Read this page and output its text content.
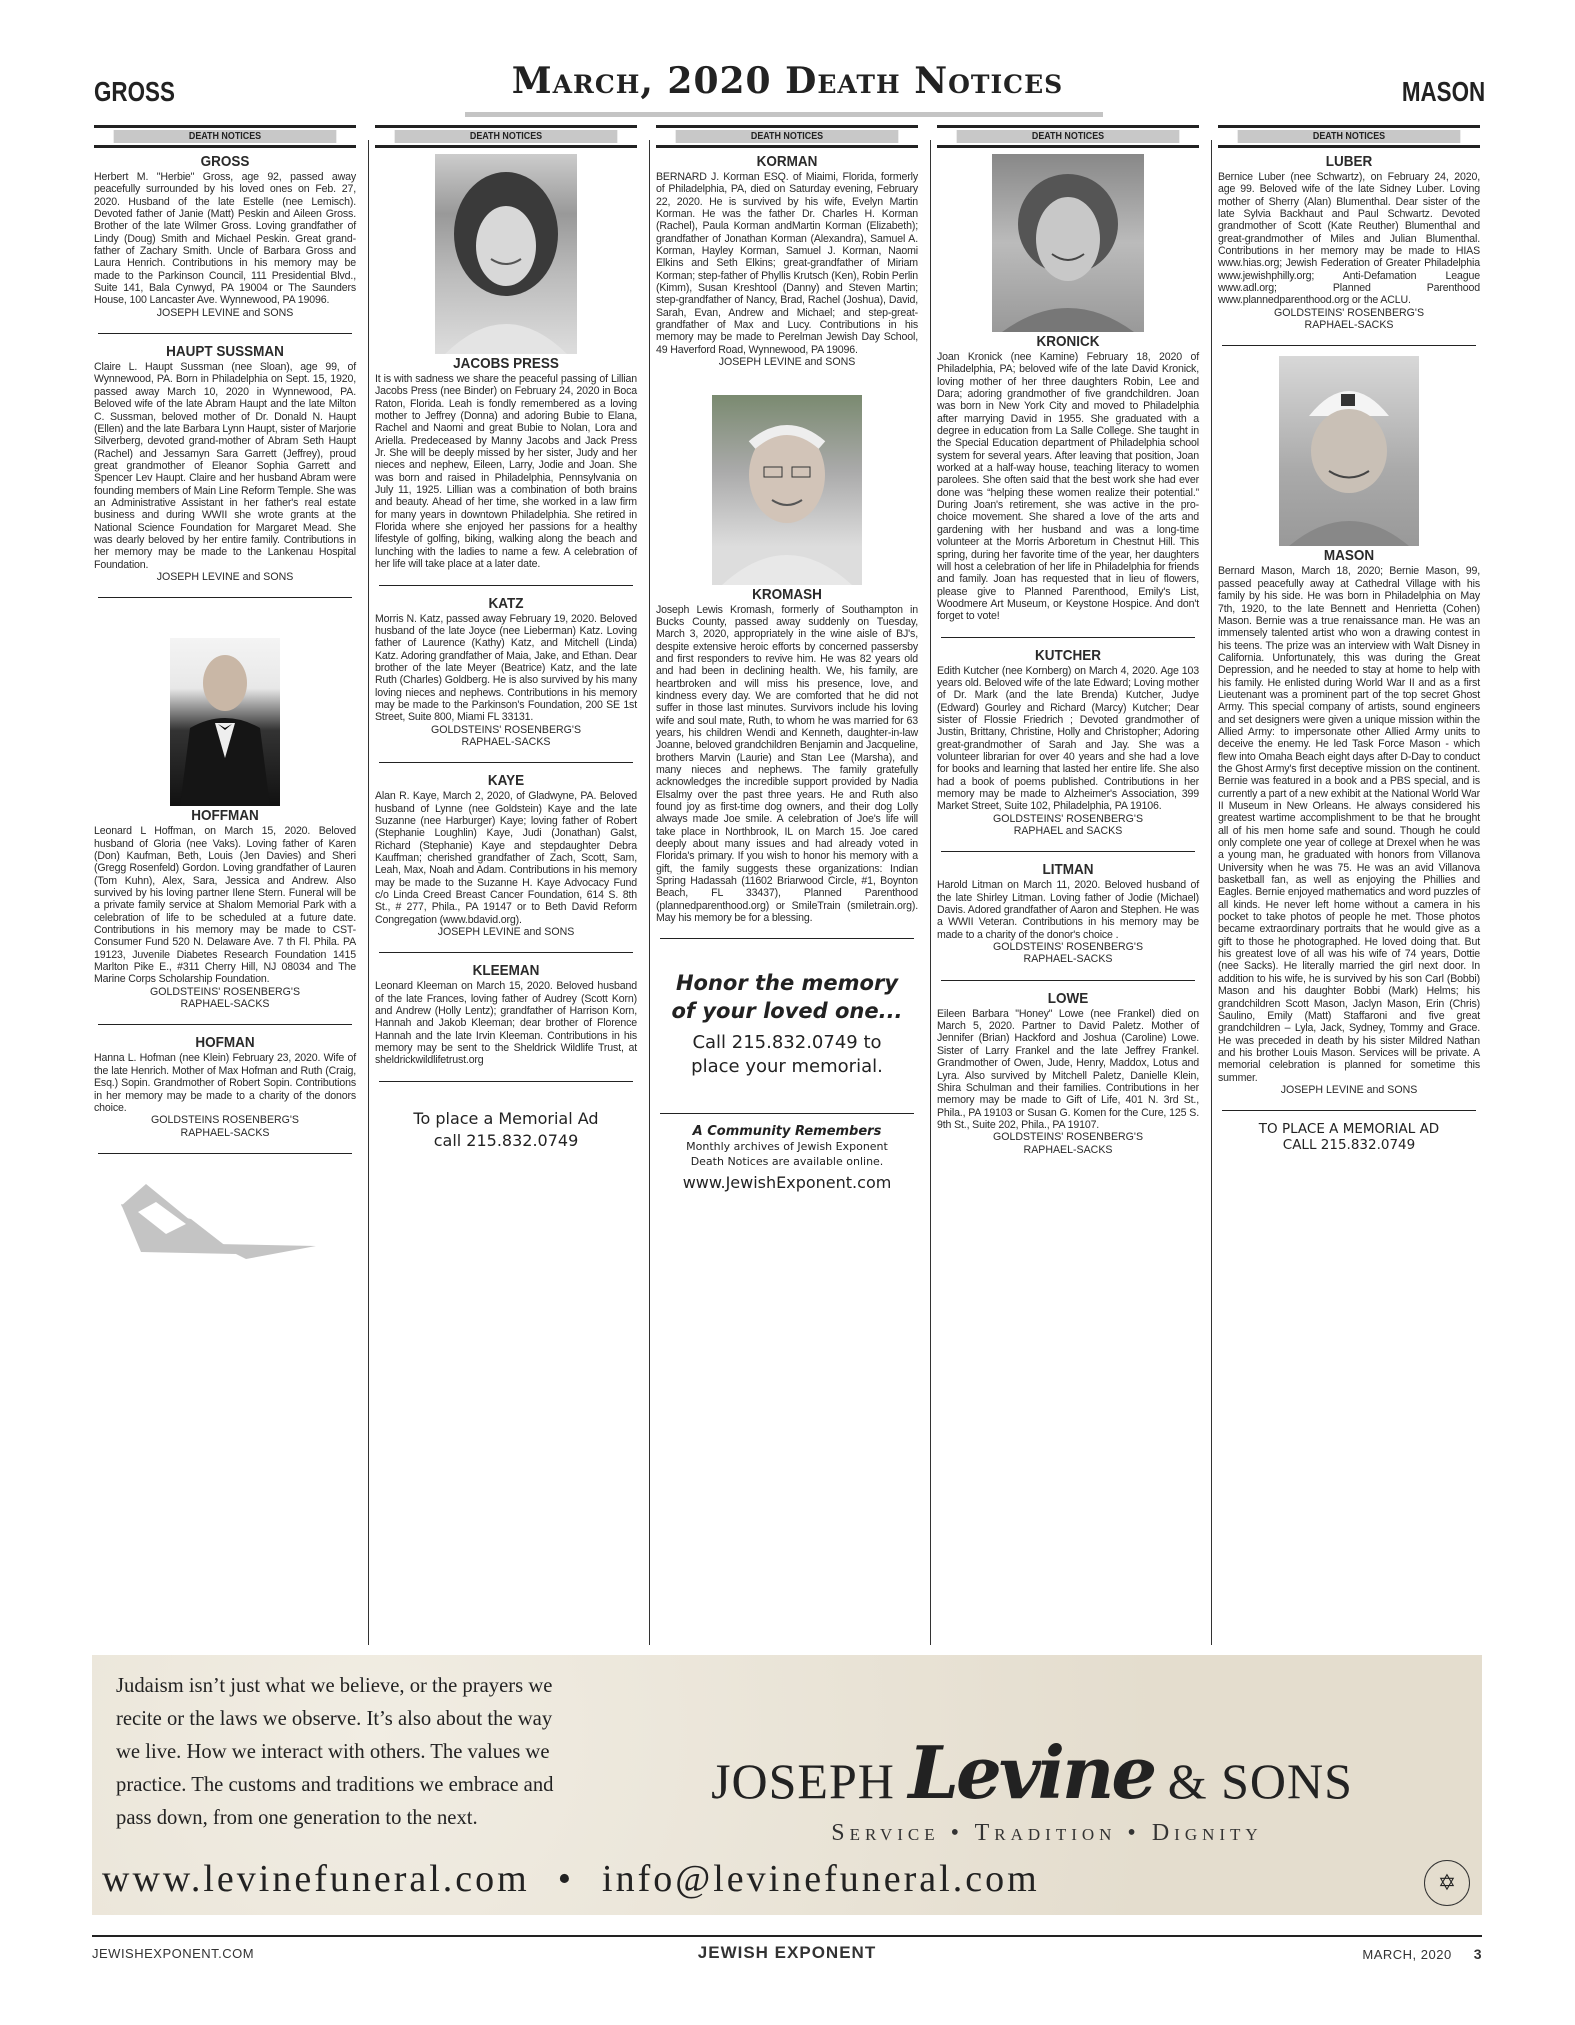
GROSS	March, 2020 Death Notices	MASON
DEATH NOTICES
GROSS
Herbert M. "Herbie" Gross, age 92, passed away peacefully surrounded by his loved ones on Feb. 27, 2020. Husband of the late Estelle (nee Lemisch). Devoted father of Janie (Matt) Peskin and Aileen Gross. Brother of the late Wilmer Gross. Loving grandfather of Lindy (Doug) Smith and Michael Peskin. Great grand-father of Zachary Smith. Uncle of Barbara Gross and Laura Henrich. Contributions in his memory may be made to the Parkinson Council, 111 Presidential Blvd., Suite 141, Bala Cynwyd, PA 19004 or The Saunders House, 100 Lancaster Ave. Wynnewood, PA 19096.
JOSEPH LEVINE and SONS
HAUPT SUSSMAN
Claire L. Haupt Sussman (nee Sloan), age 99, of Wynnewood, PA. Born in Philadelphia on Sept. 15, 1920, passed away March 10, 2020 in Wynnewood, PA. Beloved wife of the late Abram Haupt and the late Milton C. Sussman, beloved mother of Dr. Donald N. Haupt (Ellen) and the late Barbara Lynn Haupt, sister of Marjorie Silverberg, devoted grand-mother of Abram Seth Haupt (Rachel) and Jessamyn Sara Garrett (Jeffrey), proud great grandmother of Eleanor Sophia Garrett and Spencer Lev Haupt. Claire and her husband Abram were founding members of Main Line Reform Temple. She was an Administrative Assistant in her father's real estate business and during WWII she wrote grants at the National Science Foundation for Margaret Mead. She was dearly beloved by her entire family. Contributions in her memory may be made to the Lankenau Hospital Foundation.
JOSEPH LEVINE and SONS
HOFFMAN
Leonard L Hoffman, on March 15, 2020. Beloved husband of Gloria (nee Vaks). Loving father of Karen (Don) Kaufman, Beth, Louis (Jen Davies) and Sheri (Gregg Rosenfeld) Gordon. Loving grandfather of Lauren (Tom Kuhn), Alex, Sara, Jessica and Andrew. Also survived by his loving partner Ilene Stern. Funeral will be a private family service at Shalom Memorial Park with a celebration of life to be scheduled at a future date. Contributions in his memory may be made to CST-Consumer Fund 520 N. Delaware Ave. 7 th Fl. Phila. PA 19123, Juvenile Diabetes Research Foundation 1415 Marlton Pike E., #311 Cherry Hill, NJ 08034 and The Marine Corps Scholarship Foundation.
GOLDSTEINS' ROSENBERG'S
RAPHAEL-SACKS
HOFMAN
Hanna L. Hofman (nee Klein) February 23, 2020. Wife of the late Henrich. Mother of Max Hofman and Ruth (Craig, Esq.) Sopin. Grandmother of Robert Sopin. Contributions in her memory may be made to a charity of the donors choice.
GOLDSTEINS ROSENBERG'S
RAPHAEL-SACKS
DEATH NOTICES
JACOBS PRESS
It is with sadness we share the peaceful passing of Lillian Jacobs Press (nee Binder) on February 24, 2020 in Boca Raton, Florida. Leah is fondly remembered as a loving mother to Jeffrey (Donna) and adoring Bubie to Elana, Rachel and Naomi and great Bubie to Nolan, Lora and Ariella. Predeceased by Manny Jacobs and Jack Press Jr. She will be deeply missed by her sister, Judy and her nieces and nephew, Eileen, Larry, Jodie and Joan. She was born and raised in Philadelphia, Pennsylvania on July 11, 1925. Lillian was a combination of both brains and beauty. Ahead of her time, she worked in a law firm for many years in downtown Philadelphia. She retired in Florida where she enjoyed her passions for a healthy lifestyle of golfing, biking, walking along the beach and lunching with the ladies to name a few. A celebration of her life will take place at a later date.
KATZ
Morris N. Katz, passed away February 19, 2020. Beloved husband of the late Joyce (nee Lieberman) Katz. Loving father of Laurence (Kathy) Katz, and Mitchell (Linda) Katz. Adoring grandfather of Maia, Jake, and Ethan. Dear brother of the late Meyer (Beatrice) Katz, and the late Ruth (Charles) Goldberg. He is also survived by his many loving nieces and nephews. Contributions in his memory may be made to the Parkinson's Foundation, 200 SE 1st Street, Suite 800, Miami FL 33131.
GOLDSTEINS' ROSENBERG'S
RAPHAEL-SACKS
KAYE
Alan R. Kaye, March 2, 2020, of Gladwyne, PA. Beloved husband of Lynne (nee Goldstein) Kaye and the late Suzanne (nee Harburger) Kaye; loving father of Robert (Stephanie Loughlin) Kaye, Judi (Jonathan) Galst, Richard (Stephanie) Kaye and stepdaughter Debra Kauffman; cherished grandfather of Zach, Scott, Sam, Leah, Max, Noah and Adam. Contributions in his memory may be made to the Suzanne H. Kaye Advocacy Fund c/o Linda Creed Breast Cancer Foundation, 614 S. 8th St., # 277, Phila., PA 19147 or to Beth David Reform Congregation (www.bdavid.org).
JOSEPH LEVINE and SONS
KLEEMAN
Leonard Kleeman on March 15, 2020. Beloved husband of the late Frances, loving father of Audrey (Scott Korn) and Andrew (Holly Lentz); grandfather of Harrison Korn, Hannah and Jakob Kleeman; dear brother of Florence Hannah and the late Irvin Kleeman. Contributions in his memory may be sent to the Sheldrick Wildlife Trust, at sheldrickwildlifetrust.org
To place a Memorial Ad
call 215.832.0749
DEATH NOTICES
KORMAN
BERNARD J. Korman ESQ. of Miaimi, Florida, formerly of Philadelphia, PA, died on Saturday evening, February 22, 2020. He is survived by his wife, Evelyn Martin Korman. He was the father Dr. Charles H. Korman (Rachel), Paula Korman andMartin Korman (Elizabeth); grandfather of Jonathan Korman (Alexandra), Samuel A. Korman, Hayley Korman, Samuel J. Korman, Naomi Elkins and Seth Elkins; great-grandfather of Miriam Korman; step-father of Phyllis Krutsch (Ken), Robin Perlin (Kimm), Susan Kreshtool (Danny) and Steven Martin; step-grandfather of Nancy, Brad, Rachel (Joshua), David, Sarah, Evan, Andrew and Michael; and step-great-grandfather of Max and Lucy. Contributions in his memory may be made to Perelman Jewish Day School, 49 Haverford Road, Wynnewood, PA 19096.
JOSEPH LEVINE and SONS
KROMASH
Joseph Lewis Kromash, formerly of Southampton in Bucks County, passed away suddenly on Tuesday, March 3, 2020, appropriately in the wine aisle of BJ's, despite extensive heroic efforts by concerned passersby and first responders to revive him. He was 82 years old and had been in declining health. We, his family, are heartbroken and will miss his presence, love, and kindness every day. We are comforted that he did not suffer in those last minutes. Survivors include his loving wife and soul mate, Ruth, to whom he was married for 63 years, his children Wendi and Kenneth, daughter-in-law Joanne, beloved grandchildren Benjamin and Jacqueline, brothers Marvin (Laurie) and Stan Lee (Marsha), and many nieces and nephews. The family gratefully acknowledges the incredible support provided by Nadia Elsalmy over the past three years. He and Ruth also found joy as first-time dog owners, and their dog Lolly always made Joe smile. A celebration of Joe's life will take place in Northbrook, IL on March 15. Joe cared deeply about many issues and had already voted in Florida's primary. If you wish to honor his memory with a gift, the family suggests these organizations: Indian Spring Hadassah (11602 Briarwood Circle, #1, Boynton Beach, FL 33437), Planned Parenthood (plannedparenthood.org) or SmileTrain (smiletrain.org). May his memory be for a blessing.
Honor the memory
of your loved one...
Call 215.832.0749 to
place your memorial.
A Community Remembers
Monthly archives of Jewish Exponent
Death Notices are available online.
www.JewishExponent.com
DEATH NOTICES
KRONICK
Joan Kronick (nee Kamine) February 18, 2020 of Philadelphia, PA; beloved wife of the late David Kronick, loving mother of her three daughters Robin, Lee and Dara; adoring grandmother of five grandchildren. Joan was born in New York City and moved to Philadelphia after marrying David in 1955. She graduated with a degree in education from La Salle College. She taught in the Special Education department of Philadelphia school system for several years. After leaving that position, Joan worked at a half-way house, teaching literacy to women parolees. She often said that the best work she had ever done was “helping these women realize their potential.” During Joan's retirement, she was active in the pro-choice movement. She shared a love of the arts and gardening with her husband and was a long-time volunteer at the Morris Arboretum in Chestnut Hill. This spring, during her favorite time of the year, her daughters will host a celebration of her life in Philadelphia for friends and family. Joan has requested that in lieu of flowers, please give to Planned Parenthood, Emily's List, Woodmere Art Museum, or Keystone Hospice. And don't forget to vote!
KUTCHER
Edith Kutcher (nee Kornberg) on March 4, 2020. Age 103 years old. Beloved wife of the late Edward; Loving mother of Dr. Mark (and the late Brenda) Kutcher, Judye (Edward) Gourley and Richard (Marcy) Kutcher; Dear sister of Flossie Friedrich ; Devoted grandmother of Justin, Brittany, Christine, Holly and Christopher; Adoring great-grandmother of Sarah and Jay. She was a volunteer librarian for over 40 years and she had a love for books and learning that lasted her entire life. She also had a book of poems published. Contributions in her memory may be made to Alzheimer's Association, 399 Market Street, Suite 102, Philadelphia, PA 19106.
GOLDSTEINS' ROSENBERG'S
RAPHAEL and SACKS
LITMAN
Harold Litman on March 11, 2020. Beloved husband of the late Shirley Litman. Loving father of Jodie (Michael) Davis. Adored grandfather of Aaron and Stephen. He was a WWII Veteran. Contributions in his memory may be made to a charity of the donor's choice .
GOLDSTEINS' ROSENBERG'S
RAPHAEL-SACKS
LOWE
Eileen Barbara "Honey" Lowe (nee Frankel) died on March 5, 2020. Partner to David Paletz. Mother of Jennifer (Brian) Hackford and Joshua (Caroline) Lowe. Sister of Larry Frankel and the late Jeffrey Frankel. Grandmother of Owen, Jude, Henry, Maddox, Lotus and Lyra. Also survived by Mitchell Paletz, Danielle Klein, Shira Schulman and their families. Contributions in her memory may be made to Gift of Life, 401 N. 3rd St., Phila., PA 19103 or Susan G. Komen for the Cure, 125 S. 9th St., Suite 202, Phila., PA 19107.
GOLDSTEINS' ROSENBERG'S
RAPHAEL-SACKS
DEATH NOTICES
LUBER
Bernice Luber (nee Schwartz), on February 24, 2020, age 99. Beloved wife of the late Sidney Luber. Loving mother of Sherry (Alan) Blumenthal. Dear sister of the late Sylvia Backhaut and Paul Schwartz. Devoted grandmother of Scott (Kate Reuther) Blumenthal and great-grandmother of Miles and Julian Blumenthal. Contributions in her memory may be made to HIAS www.hias.org; Jewish Federation of Greater Philadelphia www.jewishphilly.org; Anti-Defamation League www.adl.org; Planned Parenthood www.plannedparenthood.org or the ACLU.
GOLDSTEINS' ROSENBERG'S
RAPHAEL-SACKS
MASON
Bernard Mason, March 18, 2020; Bernie Mason, 99, passed peacefully away at Cathedral Village with his family by his side. He was born in Philadelphia on May 7th, 1920, to the late Bennett and Henrietta (Cohen) Mason. Bernie was a true renaissance man. He was an immensely talented artist who won a drawing contest in his teens. The prize was an interview with Walt Disney in California. Unfortunately, this was during the Great Depression, and he needed to stay at home to help with his family. He enlisted during World War II and as a first Lieutenant was a prominent part of the top secret Ghost Army. This special company of artists, sound engineers and set designers were given a unique mission within the Allied Army: to impersonate other Allied Army units to deceive the enemy. He led Task Force Mason - which flew into Omaha Beach eight days after D-Day to conduct the Ghost Army's first deceptive mission on the continent. Bernie was featured in a book and a PBS special, and is currently a part of a new exhibit at the National World War II Museum in New Orleans. He always considered his greatest wartime accomplishment to be that he brought all of his men home safe and sound. Though he could only complete one year of college at Drexel when he was a young man, he graduated with honors from Villanova University when he was 75. He was an avid Villanova basketball fan, as well as enjoying the Phillies and Eagles. Bernie enjoyed mathematics and word puzzles of all kinds. He never left home without a camera in his pocket to take photos of people he met. Those photos became extraordinary portraits that he would give as a gift to those he photographed. He loved doing that. But his greatest love of all was his wife of 74 years, Dottie (nee Sacks). He literally married the girl next door. In addition to his wife, he is survived by his son Carl (Bobbi) Mason and his daughter Bobbi (Mark) Helms; his grandchildren Scott Mason, Jaclyn Mason, Erin (Chris) Saulino, Emily (Matt) Staffaroni and five great grandchildren – Lyla, Jack, Sydney, Tommy and Grace. He was preceded in death by his sister Mildred Nathan and his brother Louis Mason. Services will be private. A memorial celebration is planned for sometime this summer.
JOSEPH LEVINE and SONS
TO PLACE A MEMORIAL AD
CALL 215.832.0749
Judaism isn’t just what we believe, or the prayers we recite or the laws we observe. It’s also about the way we live. How we interact with others. The values we practice. The customs and traditions we embrace and pass down, from one generation to the next.
JOSEPH Levine & SONS
Service • Tradition • Dignity
www.levinefuneral.com • info@levinefuneral.com	✡
JEWISHEXPONENT.COM	JEWISH EXPONENT	MARCH, 2020 3
